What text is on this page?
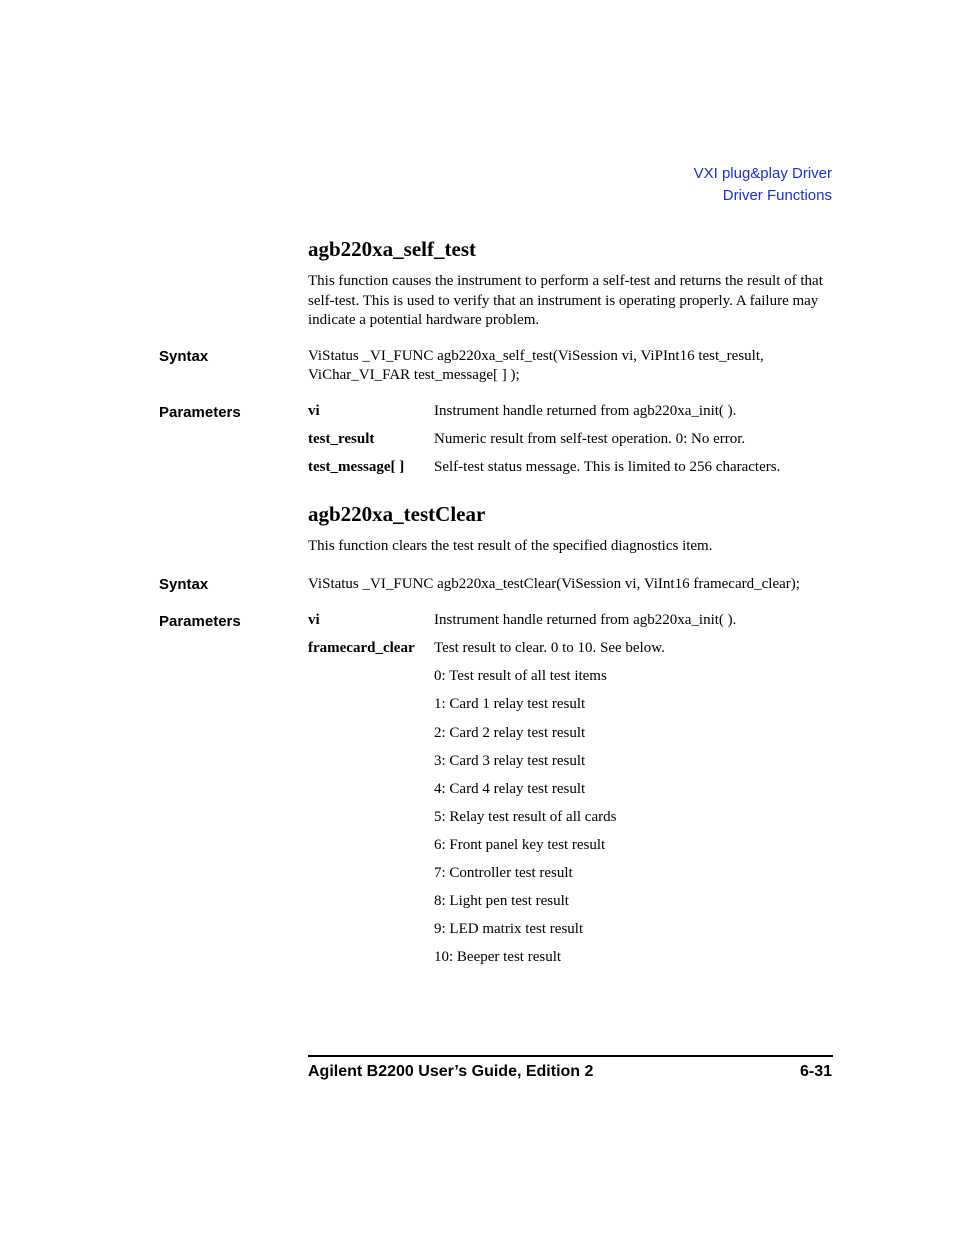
VXI plug&play Driver
Driver Functions
agb220xa_self_test
This function causes the instrument to perform a self-test and returns the result of that self-test. This is used to verify that an instrument is operating properly. A failure may indicate a potential hardware problem.
Syntax	ViStatus _VI_FUNC agb220xa_self_test(ViSession vi, ViPInt16 test_result,
ViChar_VI_FAR test_message[ ] );
Parameters	vi	Instrument handle returned from agb220xa_init( ).
test_result	Numeric result from self-test operation. 0: No error.
test_message[ ] Self-test status message. This is limited to 256 characters.
agb220xa_testClear
This function clears the test result of the specified diagnostics item.
Syntax	ViStatus _VI_FUNC agb220xa_testClear(ViSession vi, ViInt16 framecard_clear);
Parameters	vi	Instrument handle returned from agb220xa_init( ).
framecard_clear Test result to clear. 0 to 10. See below.
0: Test result of all test items
1: Card 1 relay test result
2: Card 2 relay test result
3: Card 3 relay test result
4: Card 4 relay test result
5: Relay test result of all cards
6: Front panel key test result
7: Controller test result
8: Light pen test result
9: LED matrix test result
10: Beeper test result
Agilent B2200 User’s Guide, Edition 2	6-31
